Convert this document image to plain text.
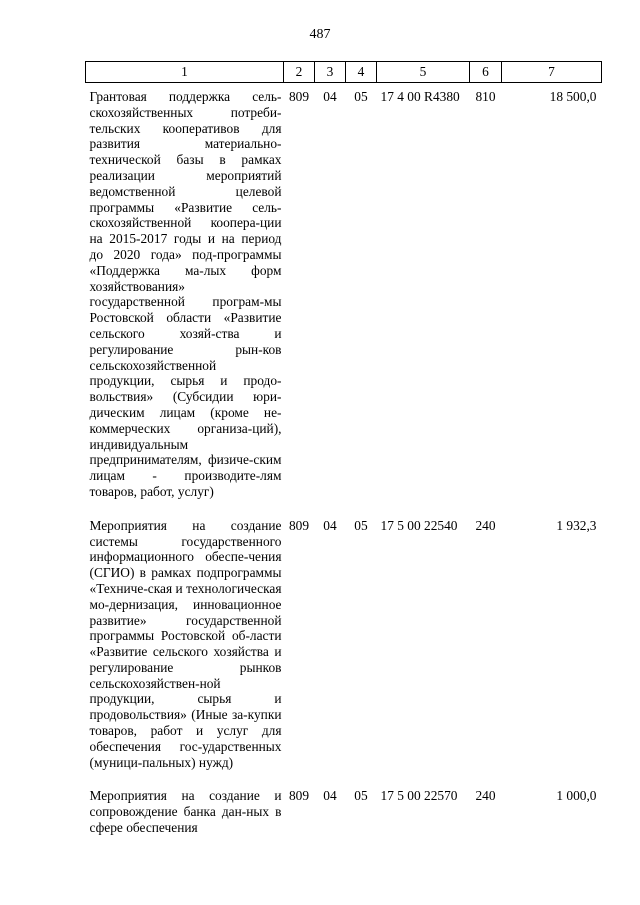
487
1	2	3	4	5	6	7
Грантовая поддержка сель-скохозяйственных потреби-тельских кооперативов для развития материально-технической базы в рамках реализации мероприятий ведомственной целевой программы «Развитие сель-скохозяйственной коопера-ции на 2015-2017 годы и на период до 2020 года» под-программы «Поддержка ма-лых форм хозяйствования» государственной програм-мы Ростовской области «Развитие сельского хозяй-ства и регулирование рын-ков сельскохозяйственной продукции, сырья и продо-вольствия» (Субсидии юри-дическим лицам (кроме не-коммерческих организа-ций), индивидуальным предпринимателям, физиче-ским лицам - производите-лям товаров, работ, услуг)	809	04	05	17 4 00 R4380	810	18 500,0
Мероприятия на создание системы государственного информационного обеспе-чения (СГИО) в рамках подпрограммы «Техниче-ская и технологическая мо-дернизация, инновационное развитие» государственной программы Ростовской об-ласти «Развитие сельского хозяйства и регулирование рынков сельскохозяйствен-ной продукции, сырья и продовольствия» (Иные за-купки товаров, работ и услуг для обеспечения гос-ударственных (муници-пальных) нужд)	809	04	05	17 5 00 22540	240	1 932,3
Мероприятия на создание и сопровождение банка дан-ных в сфере обеспечения	809	04	05	17 5 00 22570	240	1 000,0
